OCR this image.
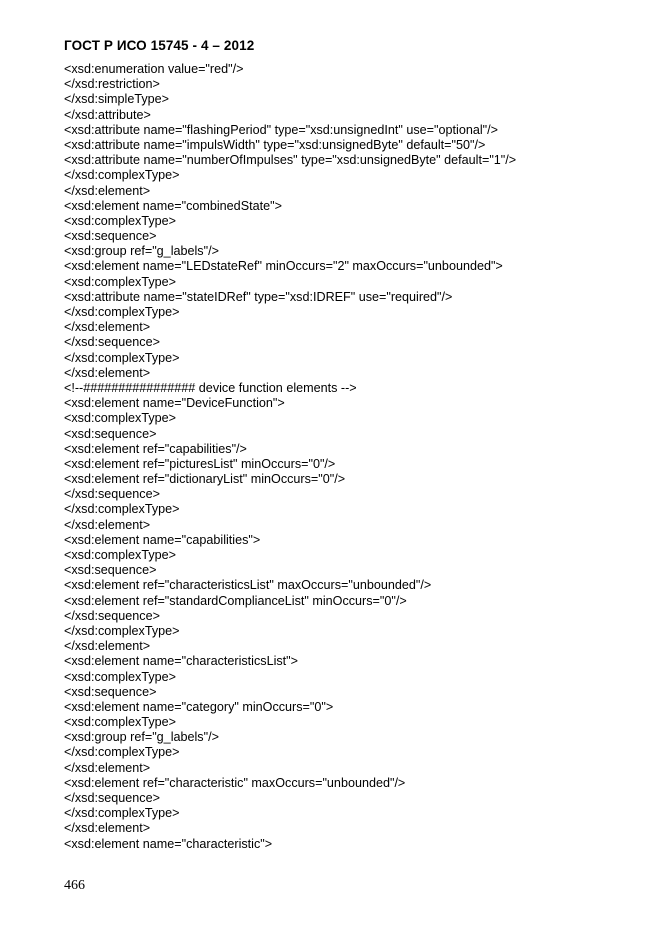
ГОСТ Р ИСО 15745 - 4 – 2012
<xsd:enumeration value="red"/>
</xsd:restriction>
</xsd:simpleType>
</xsd:attribute>
<xsd:attribute name="flashingPeriod" type="xsd:unsignedInt" use="optional"/>
<xsd:attribute name="impulsWidth" type="xsd:unsignedByte" default="50"/>
<xsd:attribute name="numberOfImpulses" type="xsd:unsignedByte" default="1"/>
</xsd:complexType>
</xsd:element>
<xsd:element name="combinedState">
<xsd:complexType>
<xsd:sequence>
<xsd:group ref="g_labels"/>
<xsd:element name="LEDstateRef" minOccurs="2" maxOccurs="unbounded">
<xsd:complexType>
<xsd:attribute name="stateIDRef" type="xsd:IDREF" use="required"/>
</xsd:complexType>
</xsd:element>
</xsd:sequence>
</xsd:complexType>
</xsd:element>
<!--################ device function elements -->
<xsd:element name="DeviceFunction">
<xsd:complexType>
<xsd:sequence>
<xsd:element ref="capabilities"/>
<xsd:element ref="picturesList" minOccurs="0"/>
<xsd:element ref="dictionaryList" minOccurs="0"/>
</xsd:sequence>
</xsd:complexType>
</xsd:element>
<xsd:element name="capabilities">
<xsd:complexType>
<xsd:sequence>
<xsd:element ref="characteristicsList" maxOccurs="unbounded"/>
<xsd:element ref="standardComplianceList" minOccurs="0"/>
</xsd:sequence>
</xsd:complexType>
</xsd:element>
<xsd:element name="characteristicsList">
<xsd:complexType>
<xsd:sequence>
<xsd:element name="category" minOccurs="0">
<xsd:complexType>
<xsd:group ref="g_labels"/>
</xsd:complexType>
</xsd:element>
<xsd:element ref="characteristic" maxOccurs="unbounded"/>
</xsd:sequence>
</xsd:complexType>
</xsd:element>
<xsd:element name="characteristic">
466
